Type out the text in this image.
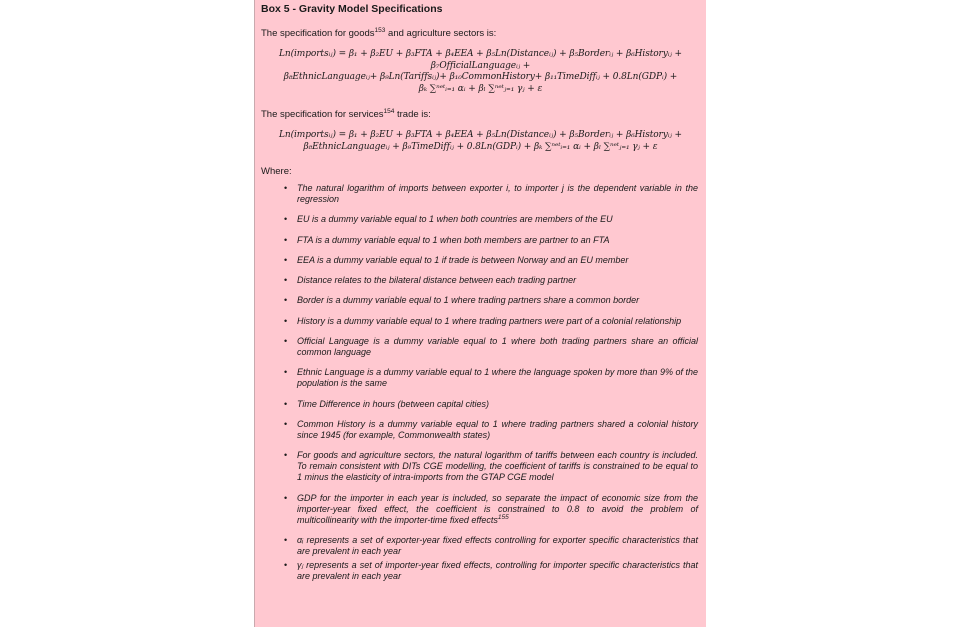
Box 5 - Gravity Model Specifications

The specification for goods$^{153}$ and agriculture sectors is:

Ln(importsᵢⱼ) = β₁ + β₂EU + β₃FTA + β₄EEA + β₅Ln(Distanceᵢⱼ) + β₅Borderᵢⱼ + β₆Historyᵢⱼ +
β₇OfficialLanguageᵢⱼ +
β₈EthnicLanguageᵢⱼ+ β₉Ln(Tariffsᵢⱼ)+ β₁₀CommonHistory+ β₁₁TimeDiffᵢⱼ + 0.8Ln(GDPᵢ) +
βₖ ∑ⁿᵉᵗᵢ₌₁ αᵢ + βₗ ∑ⁿᵉᵗⱼ₌₁ γⱼ + ε

The specification for services$^{154}$ trade is:

Ln(importsᵢⱼ) = β₁ + β₂EU + β₃FTA + β₄EEA + β₅Ln(Distanceᵢⱼ) + β₅Borderᵢⱼ + β₆Historyᵢⱼ +
β₈EthnicLanguageᵢⱼ + β₉TimeDiffᵢⱼ + 0.8Ln(GDPᵢ) + βₖ ∑ⁿᵉᵗᵢ₌₁ αᵢ + βₗ ∑ⁿᵉᵗⱼ₌₁ γⱼ + ε

Where:

• The natural logarithm of imports between exporter i, to importer j is the dependent variable in the regression
• EU is a dummy variable equal to 1 when both countries are members of the EU
• FTA is a dummy variable equal to 1 when both members are partner to an FTA
• EEA is a dummy variable equal to 1 if trade is between Norway and an EU member
• Distance relates to the bilateral distance between each trading partner
• Border is a dummy variable equal to 1 where trading partners share a common border
• History is a dummy variable equal to 1 where trading partners were part of a colonial relationship
• Official Language is a dummy variable equal to 1 where both trading partners share an official common language
• Ethnic Language is a dummy variable equal to 1 where the language spoken by more than 9% of the population is the same
• Time Difference in hours (between capital cities)
• Common History is a dummy variable equal to 1 where trading partners shared a colonial history since 1945 (for example, Commonwealth states)
• For goods and agriculture sectors, the natural logarithm of tariffs between each country is included. To remain consistent with DITs CGE modelling, the coefficient of tariffs is constrained to be equal to 1 minus the elasticity of intra-imports from the GTAP CGE model
• GDP for the importer in each year is included, so separate the impact of economic size from the importer-year fixed effect, the coefficient is constrained to 0.8 to avoid the problem of multicollinearity with the importer-time fixed effects$^{155}$
• αᵢ represents a set of exporter-year fixed effects controlling for exporter specific characteristics that are prevalent in each year
• γⱼ represents a set of importer-year fixed effects, controlling for importer specific characteristics that are prevalent in each year
